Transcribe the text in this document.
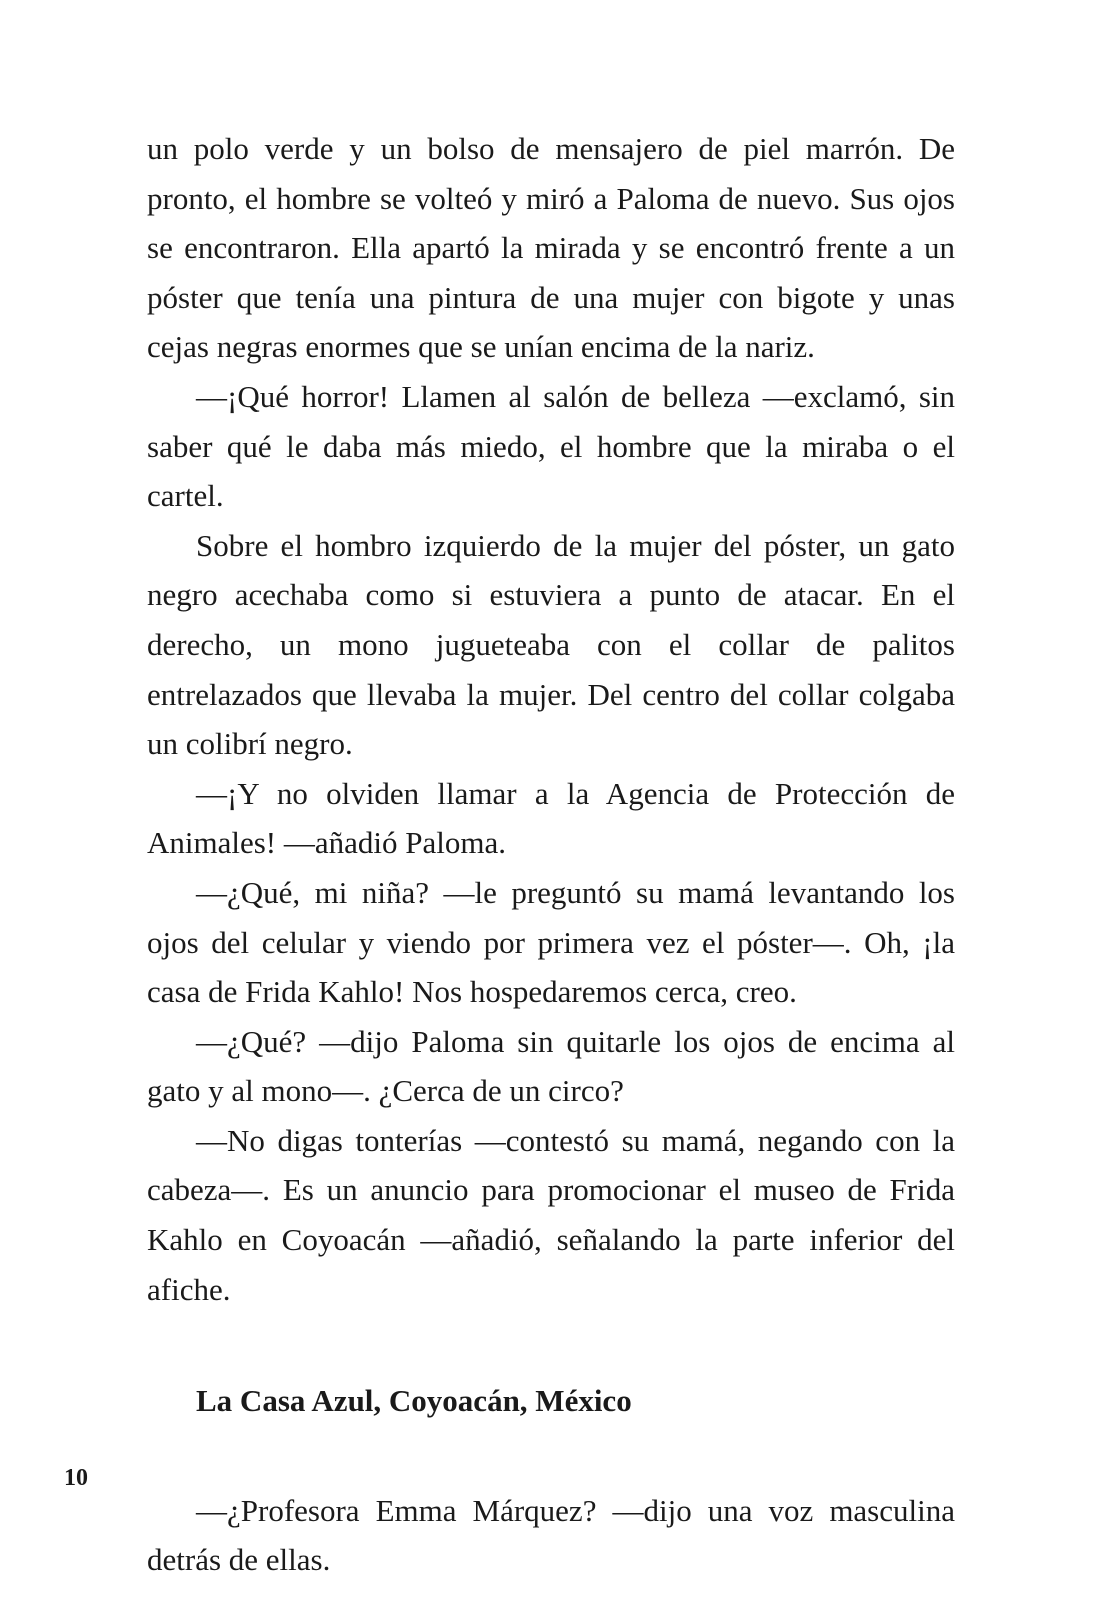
un polo verde y un bolso de mensajero de piel marrón. De pronto, el hombre se volteó y miró a Paloma de nuevo. Sus ojos se encontraron. Ella apartó la mirada y se encontró frente a un póster que tenía una pintura de una mujer con bigote y unas cejas negras enormes que se unían encima de la nariz.

—¡Qué horror! Llamen al salón de belleza —exclamó, sin saber qué le daba más miedo, el hombre que la miraba o el cartel.

Sobre el hombro izquierdo de la mujer del póster, un gato negro acechaba como si estuviera a punto de atacar. En el derecho, un mono jugueteaba con el collar de palitos entrelazados que llevaba la mujer. Del centro del collar colgaba un colibrí negro.

—¡Y no olviden llamar a la Agencia de Protección de Animales! —añadió Paloma.

—¿Qué, mi niña? —le preguntó su mamá levantando los ojos del celular y viendo por primera vez el póster—. Oh, ¡la casa de Frida Kahlo! Nos hospedaremos cerca, creo.

—¿Qué? —dijo Paloma sin quitarle los ojos de encima al gato y al mono—. ¿Cerca de un circo?

—No digas tonterías —contestó su mamá, negando con la cabeza—. Es un anuncio para promocionar el museo de Frida Kahlo en Coyoacán —añadió, señalando la parte inferior del afiche.

La Casa Azul, Coyoacán, México

—¿Profesora Emma Márquez? —dijo una voz masculina detrás de ellas.

10
